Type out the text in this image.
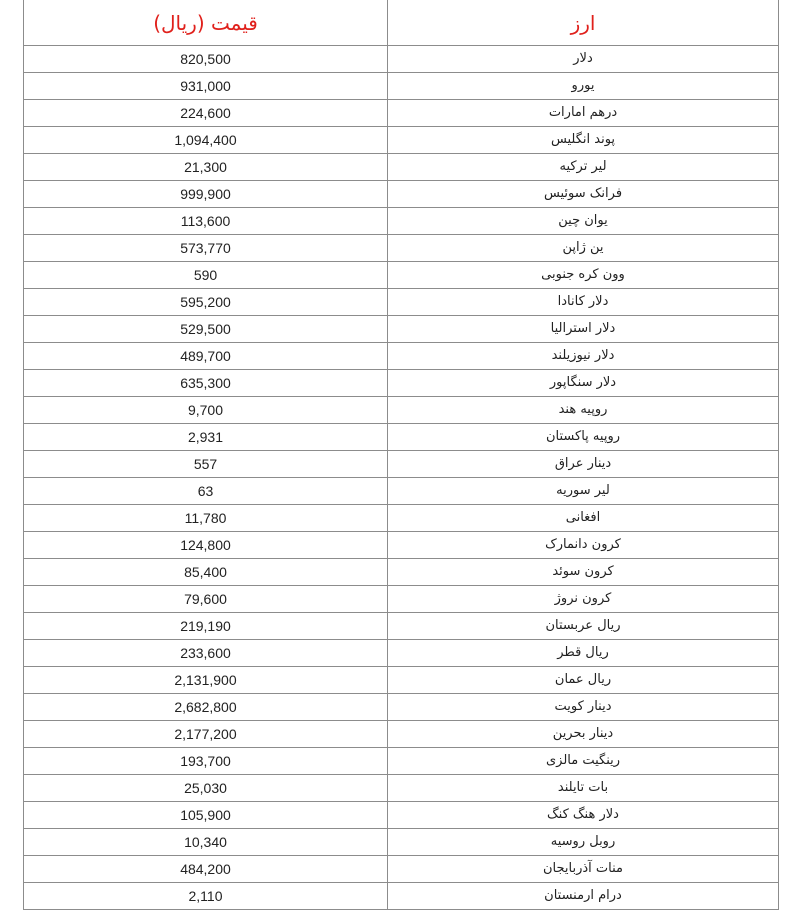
ارز	قیمت (ریال)
دلار	820,500
یورو	931,000
درهم امارات	224,600
پوند انگلیس	1,094,400
لیر ترکیه	21,300
فرانک سوئیس	999,900
یوان چین	113,600
ین ژاپن	573,770
وون کره جنوبی	590
دلار کانادا	595,200
دلار استرالیا	529,500
دلار نیوزیلند	489,700
دلار سنگاپور	635,300
روپیه هند	9,700
روپیه پاکستان	2,931
دینار عراق	557
لیر سوریه	63
افغانی	11,780
کرون دانمارک	124,800
کرون سوئد	85,400
کرون نروژ	79,600
ریال عربستان	219,190
ریال قطر	233,600
ریال عمان	2,131,900
دینار کویت	2,682,800
دینار بحرین	2,177,200
رینگیت مالزی	193,700
بات تایلند	25,030
دلار هنگ کنگ	105,900
روبل روسیه	10,340
منات آذربایجان	484,200
درام ارمنستان	2,110
